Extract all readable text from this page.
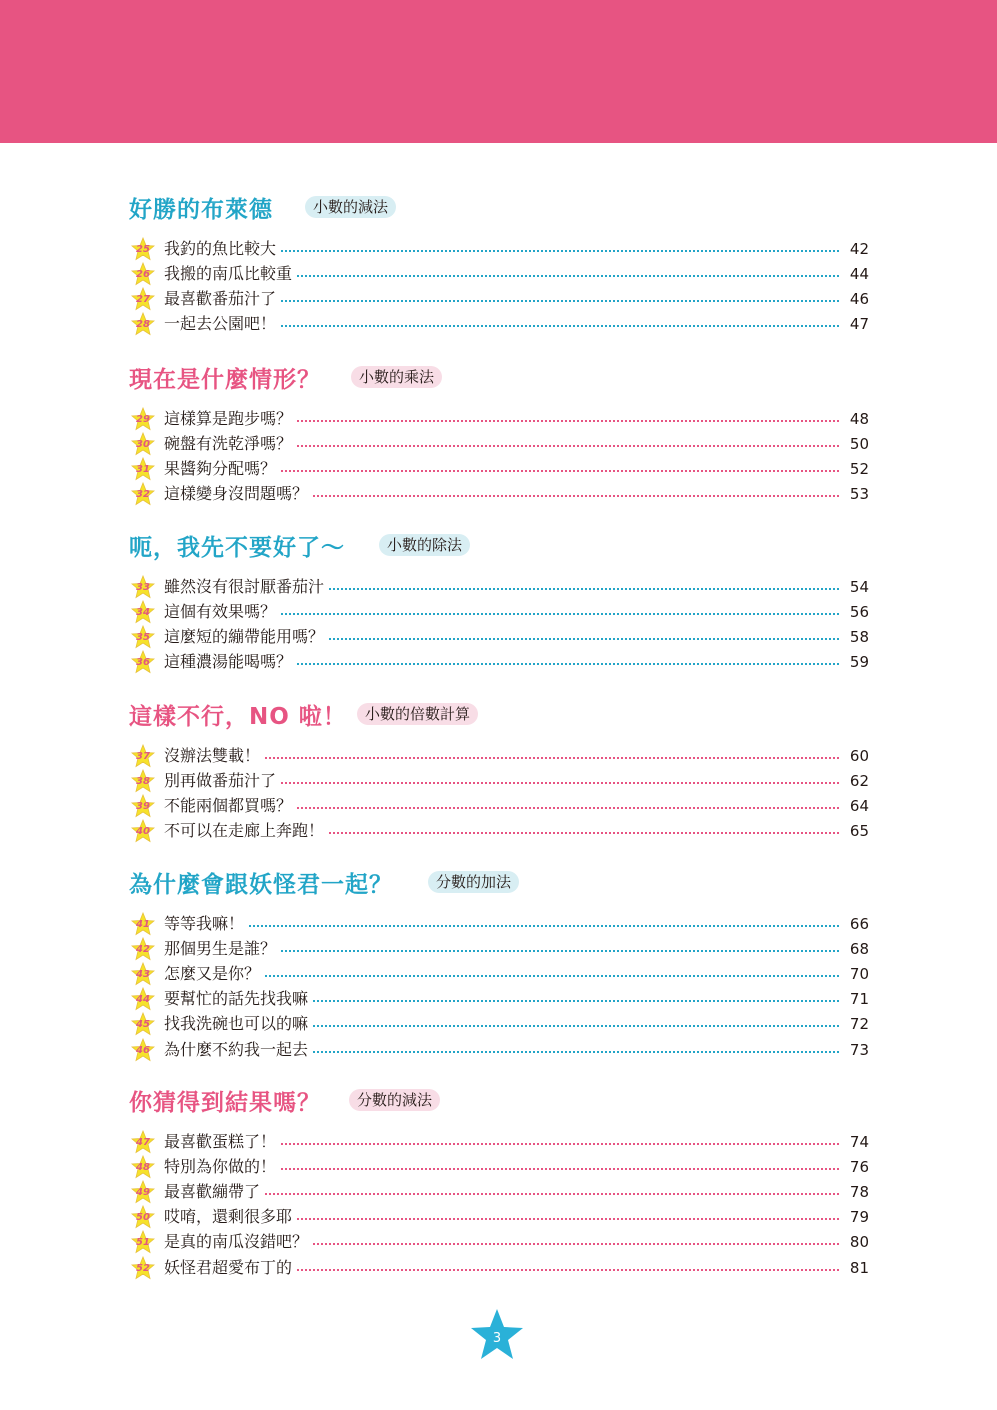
好勝的布萊德	小數的減法
25 我釣的魚比較大	42
26 我搬的南瓜比較重	44
27 最喜歡番茄汁了	46
28 一起去公園吧！	47
現在是什麼情形？	小數的乘法
29 這樣算是跑步嗎？	48
30 碗盤有洗乾淨嗎？	50
31 果醬夠分配嗎？	52
32 這樣變身沒問題嗎？	53
呃，我先不要好了～	小數的除法
33 雖然沒有很討厭番茄汁	54
34 這個有效果嗎？	56
35 這麼短的繃帶能用嗎？	58
36 這種濃湯能喝嗎？	59
這樣不行，NO 啦！	小數的倍數計算
37 沒辦法雙載！	60
38 別再做番茄汁了	62
39 不能兩個都買嗎？	64
40 不可以在走廊上奔跑！	65
為什麼會跟妖怪君一起？	分數的加法
41 等等我嘛！	66
42 那個男生是誰？	68
43 怎麼又是你？	70
44 要幫忙的話先找我嘛	71
45 找我洗碗也可以的嘛	72
46 為什麼不約我一起去	73
你猜得到結果嗎？	分數的減法
47 最喜歡蛋糕了！	74
48 特別為你做的！	76
49 最喜歡繃帶了	78
50 哎唷，還剩很多耶	79
51 是真的南瓜沒錯吧？	80
52 妖怪君超愛布丁的	81
3
